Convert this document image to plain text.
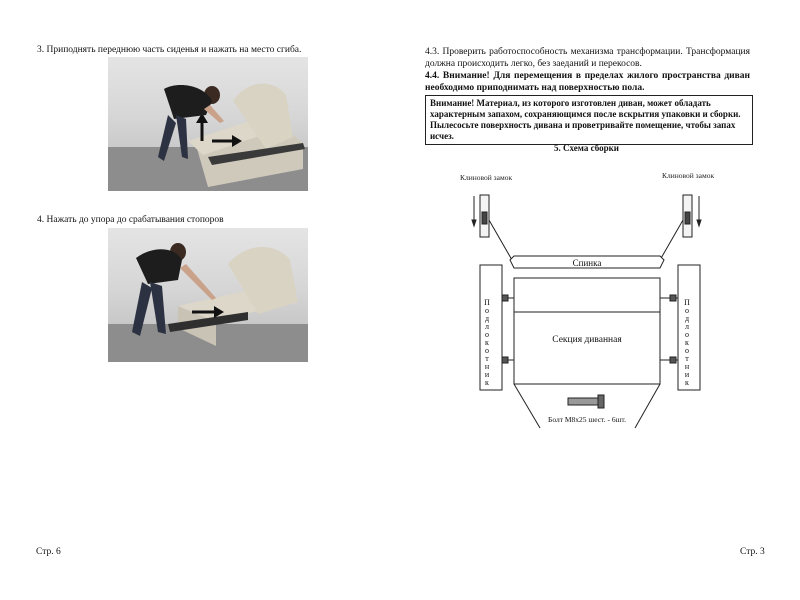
3. Приподнять переднюю часть сиденья и нажать на место сгиба.
4. Нажать до упора до срабатывания стопоров
Стр. 6
4.3. Проверить работоспособность механизма трансформации. Трансформация должна происходить легко, без заеданий и перекосов.
4.4. Внимание! Для перемещения в пределах жилого пространства диван необходимо приподнимать над поверхностью пола.
Внимание! Материал, из которого изготовлен диван, может обладать характерным запахом, сохраняющимся после вскрытия упаковки и сборки. Пылесосьте поверхность дивана и проветривайте помещение, чтобы запах исчез.
5. Схема сборки
Клиновой замок	Клиновой замок
Спинка
Секция диванная
Подлокотник	Подлокотник
Болт М8х25 шест. - 6шт.
Стр. 3
